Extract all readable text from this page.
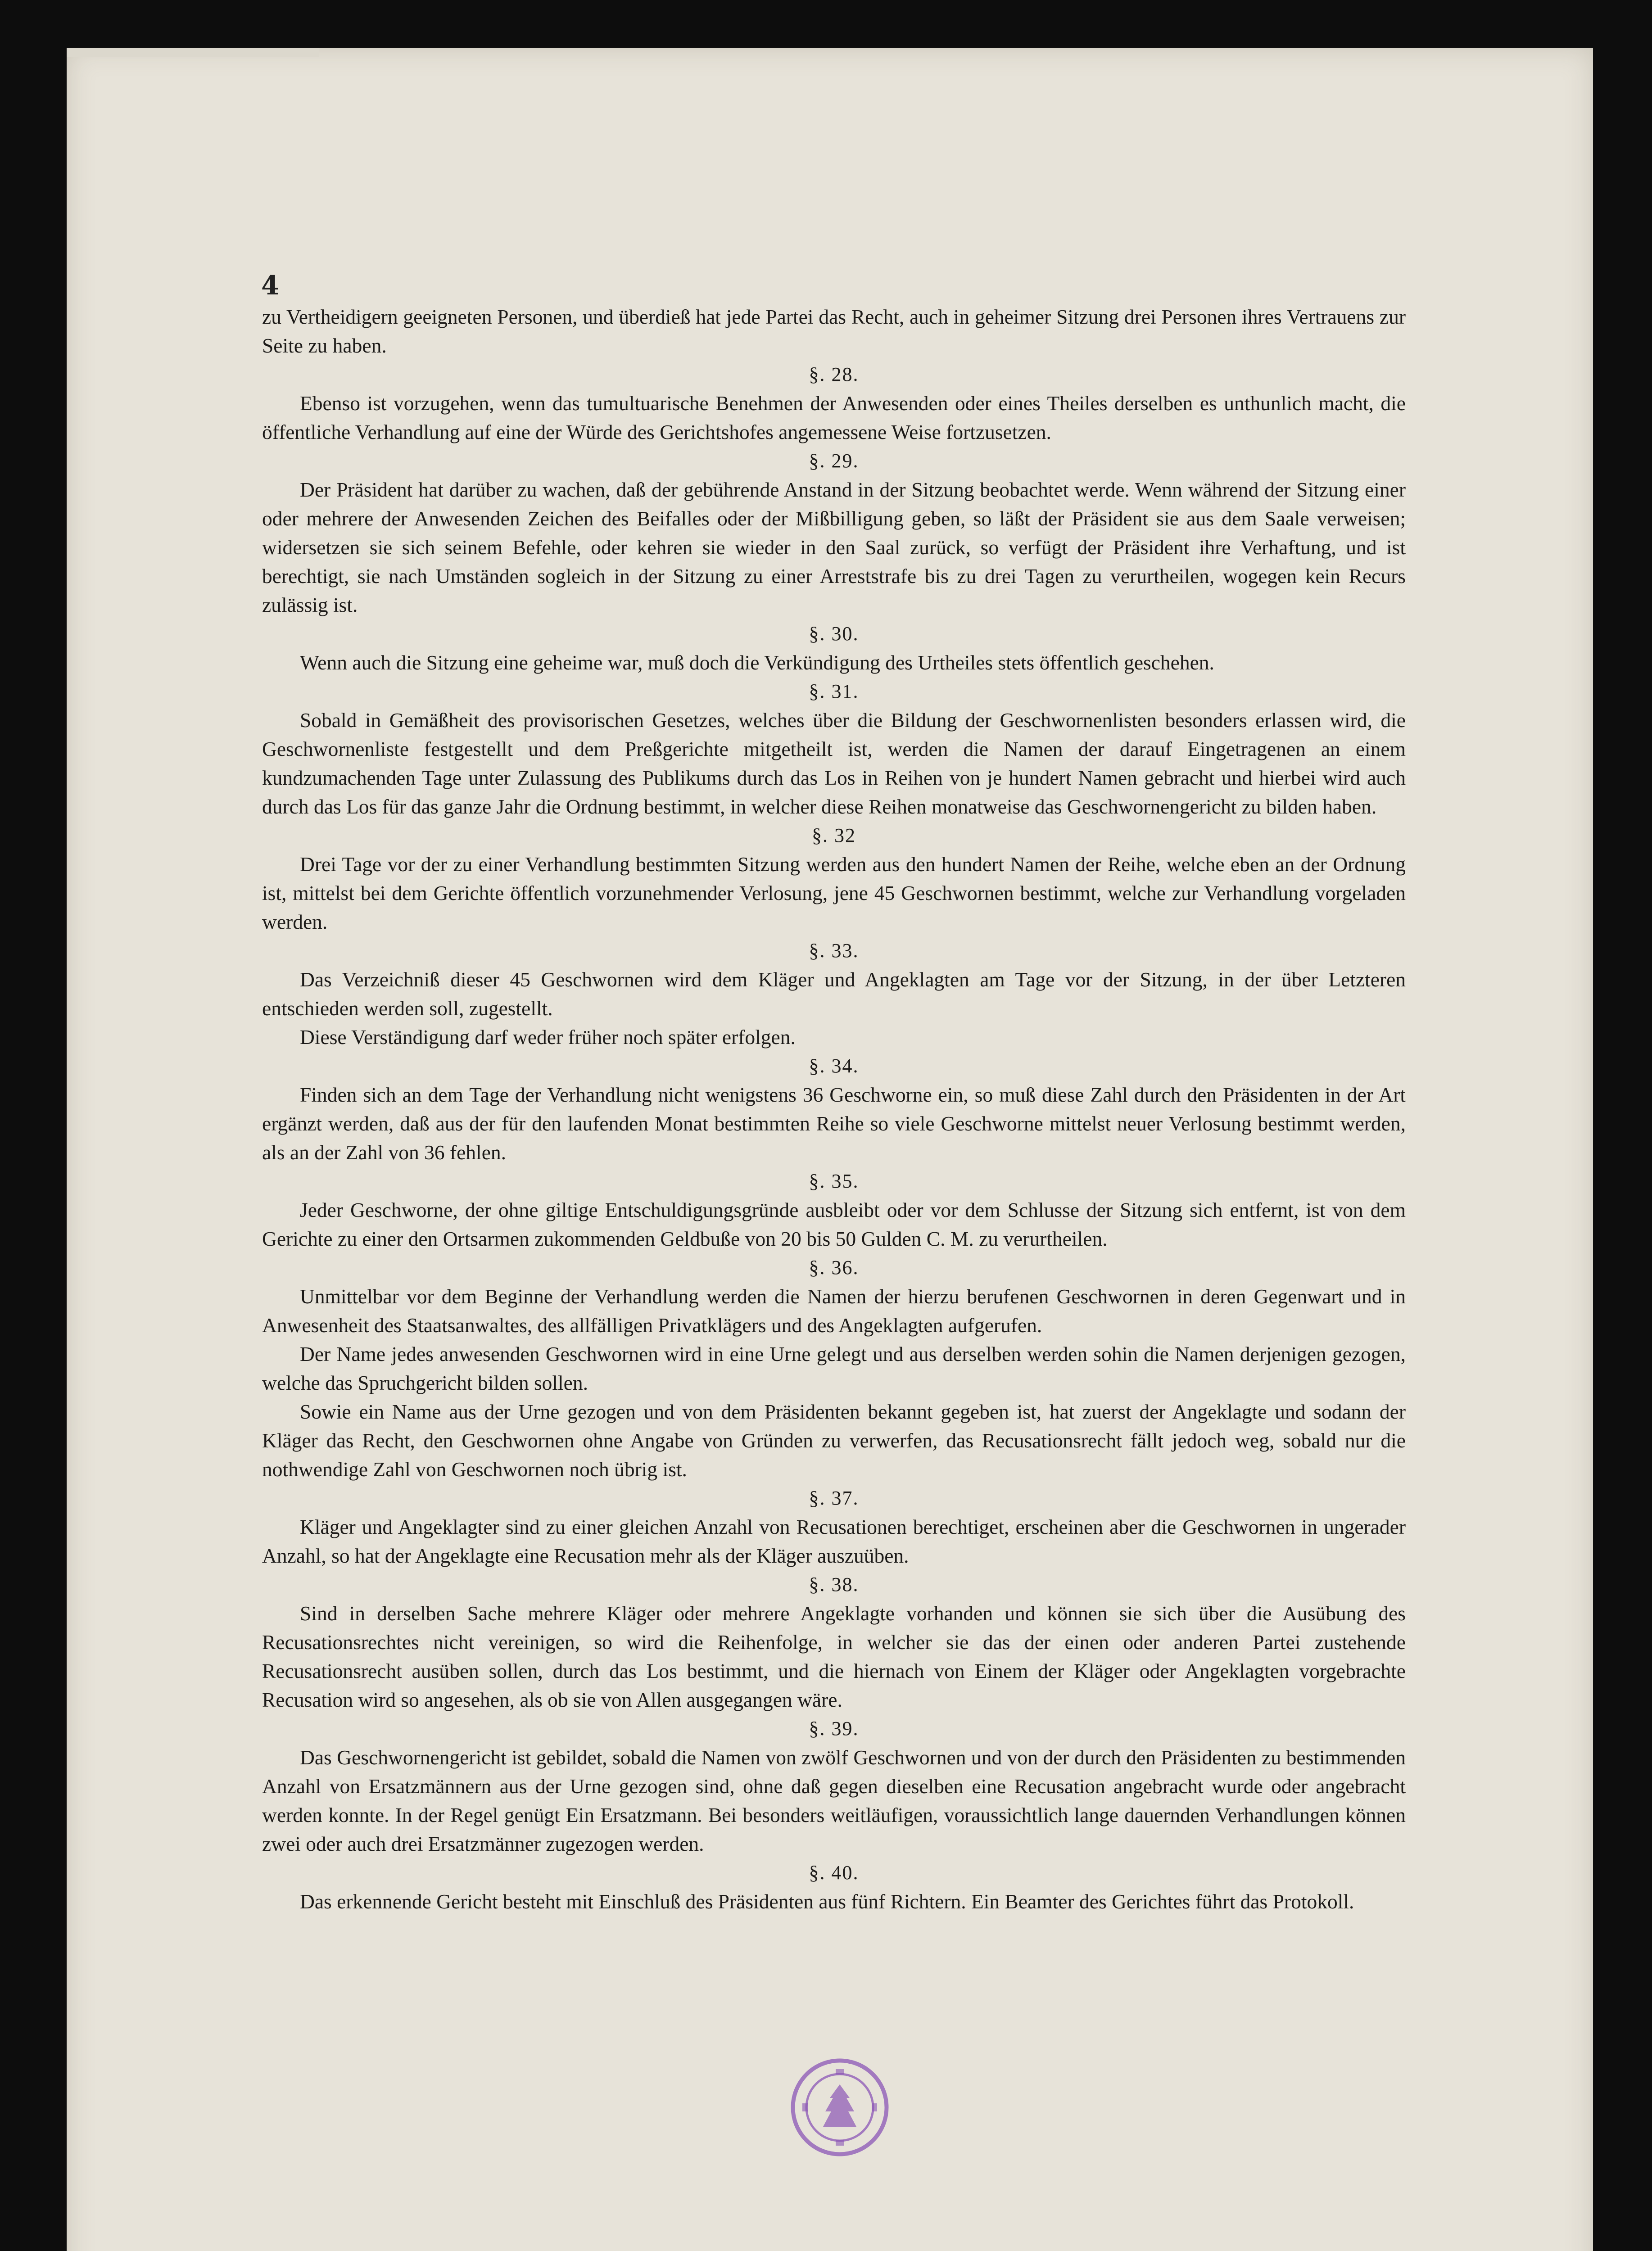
4

zu Vertheidigern geeigneten Personen, und überdieß hat jede Partei das Recht, auch in geheimer Sitzung drei Personen ihres Vertrauens zur Seite zu haben.

§. 28.

Ebenso ist vorzugehen, wenn das tumultuarische Benehmen der Anwesenden oder eines Theiles derselben es unthunlich macht, die öffentliche Verhandlung auf eine der Würde des Gerichtshofes angemessene Weise fortzusetzen.

§. 29.

Der Präsident hat darüber zu wachen, daß der gebührende Anstand in der Sitzung beobachtet werde. Wenn während der Sitzung einer oder mehrere der Anwesenden Zeichen des Beifalles oder der Mißbilligung geben, so läßt der Präsident sie aus dem Saale verweisen; widersetzen sie sich seinem Befehle, oder kehren sie wieder in den Saal zurück, so verfügt der Präsident ihre Verhaftung, und ist berechtigt, sie nach Umständen sogleich in der Sitzung zu einer Arreststrafe bis zu drei Tagen zu verurtheilen, wogegen kein Recurs zulässig ist.

§. 30.

Wenn auch die Sitzung eine geheime war, muß doch die Verkündigung des Urtheiles stets öffentlich geschehen.

§. 31.

Sobald in Gemäßheit des provisorischen Gesetzes, welches über die Bildung der Geschwornenlisten besonders erlassen wird, die Geschwornenliste festgestellt und dem Preßgerichte mitgetheilt ist, werden die Namen der darauf Eingetragenen an einem kundzumachenden Tage unter Zulassung des Publikums durch das Los in Reihen von je hundert Namen gebracht und hierbei wird auch durch das Los für das ganze Jahr die Ordnung bestimmt, in welcher diese Reihen monatweise das Geschwornengericht zu bilden haben.

§. 32

Drei Tage vor der zu einer Verhandlung bestimmten Sitzung werden aus den hundert Namen der Reihe, welche eben an der Ordnung ist, mittelst bei dem Gerichte öffentlich vorzunehmender Verlosung, jene 45 Geschwornen bestimmt, welche zur Verhandlung vorgeladen werden.

§. 33.

Das Verzeichniß dieser 45 Geschwornen wird dem Kläger und Angeklagten am Tage vor der Sitzung, in der über Letzteren entschieden werden soll, zugestellt.

Diese Verständigung darf weder früher noch später erfolgen.

§. 34.

Finden sich an dem Tage der Verhandlung nicht wenigstens 36 Geschworne ein, so muß diese Zahl durch den Präsidenten in der Art ergänzt werden, daß aus der für den laufenden Monat bestimmten Reihe so viele Geschworne mittelst neuer Verlosung bestimmt werden, als an der Zahl von 36 fehlen.

§. 35.

Jeder Geschworne, der ohne giltige Entschuldigungsgründe ausbleibt oder vor dem Schlusse der Sitzung sich entfernt, ist von dem Gerichte zu einer den Ortsarmen zukommenden Geldbuße von 20 bis 50 Gulden C. M. zu verurtheilen.

§. 36.

Unmittelbar vor dem Beginne der Verhandlung werden die Namen der hierzu berufenen Geschwornen in deren Gegenwart und in Anwesenheit des Staatsanwaltes, des allfälligen Privatklägers und des Angeklagten aufgerufen.

Der Name jedes anwesenden Geschwornen wird in eine Urne gelegt und aus derselben werden sohin die Namen derjenigen gezogen, welche das Spruchgericht bilden sollen.

Sowie ein Name aus der Urne gezogen und von dem Präsidenten bekannt gegeben ist, hat zuerst der Angeklagte und sodann der Kläger das Recht, den Geschwornen ohne Angabe von Gründen zu verwerfen, das Recusationsrecht fällt jedoch weg, sobald nur die nothwendige Zahl von Geschwornen noch übrig ist.

§. 37.

Kläger und Angeklagter sind zu einer gleichen Anzahl von Recusationen berechtiget, erscheinen aber die Geschwornen in ungerader Anzahl, so hat der Angeklagte eine Recusation mehr als der Kläger auszuüben.

§. 38.

Sind in derselben Sache mehrere Kläger oder mehrere Angeklagte vorhanden und können sie sich über die Ausübung des Recusationsrechtes nicht vereinigen, so wird die Reihenfolge, in welcher sie das der einen oder anderen Partei zustehende Recusationsrecht ausüben sollen, durch das Los bestimmt, und die hiernach von Einem der Kläger oder Angeklagten vorgebrachte Recusation wird so angesehen, als ob sie von Allen ausgegangen wäre.

§. 39.

Das Geschwornengericht ist gebildet, sobald die Namen von zwölf Geschwornen und von der durch den Präsidenten zu bestimmenden Anzahl von Ersatzmännern aus der Urne gezogen sind, ohne daß gegen dieselben eine Recusation angebracht wurde oder angebracht werden konnte. In der Regel genügt Ein Ersatzmann. Bei besonders weitläufigen, voraussichtlich lange dauernden Verhandlungen können zwei oder auch drei Ersatzmänner zugezogen werden.

§. 40.

Das erkennende Gericht besteht mit Einschluß des Präsidenten aus fünf Richtern. Ein Beamter des Gerichtes führt das Protokoll.
